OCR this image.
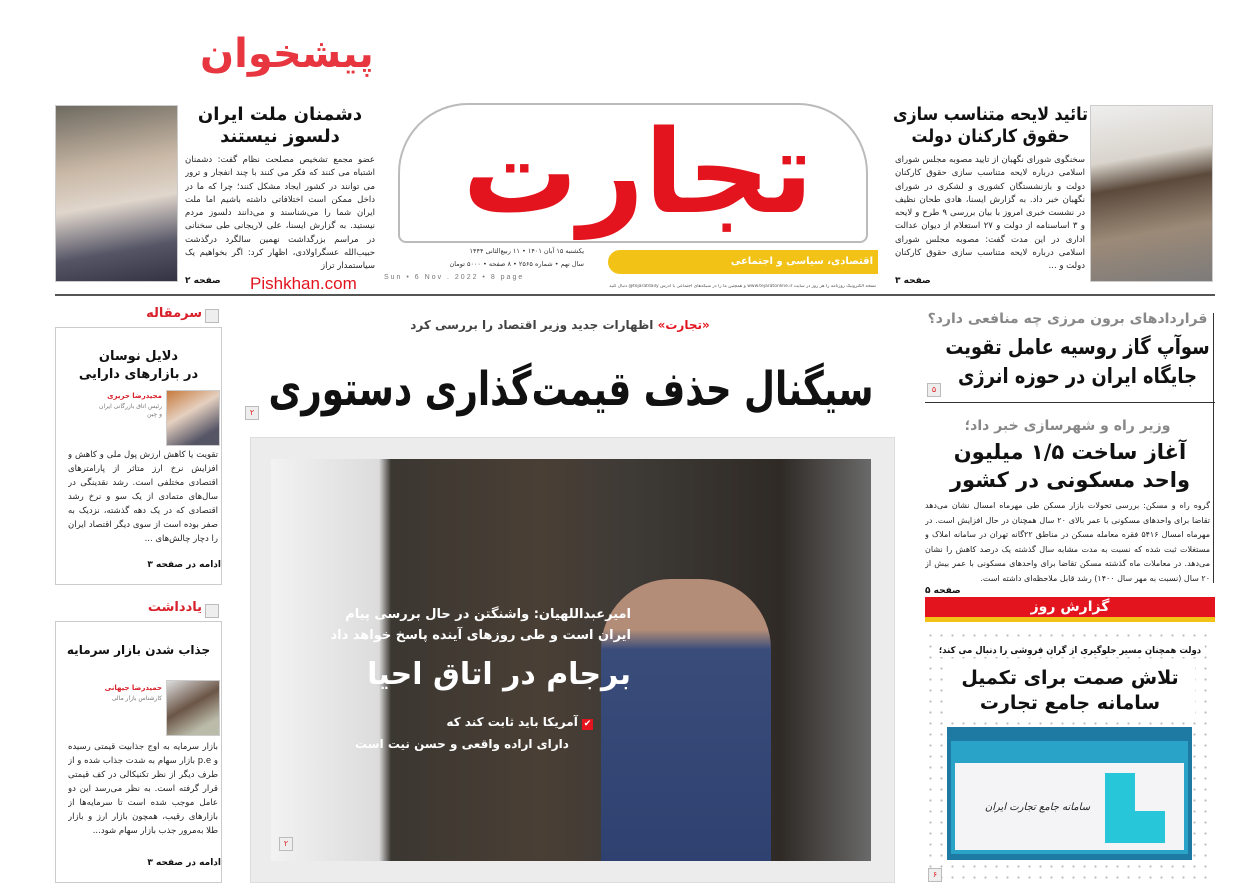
پیشخوان
تائید لایحه متناسب سازی حقوق کارکنان دولت
سخنگوی شورای نگهبان از تایید مصوبه مجلس شورای اسلامی درباره لایحه متناسب سازی حقوق کارکنان دولت و بازنشستگان کشوری و لشکری در شورای نگهبان خبر داد. به گزارش ایسنا، هادی طحان نظیف در نشست خبری امروز با بیان بررسی ۹ طرح و لایحه و ۳ اساسنامه از دولت و ۲۷ استعلام از دیوان عدالت اداری در این مدت گفت: مصوبه مجلس شورای اسلامی درباره لایحه متناسب سازی حقوق کارکنان دولت و ...
صفحه ۳
دشمنان ملت ایران دلسوز نیستند
عضو مجمع تشخیص مصلحت نظام گفت: دشمنان اشتباه می کنند که فکر می کنند با چند انفجار و ترور می توانند در کشور ایجاد مشکل کنند؛ چرا که ما در داخل ممکن است اختلافاتی داشته باشیم اما ملت ایران شما را می‌شناسند و می‌دانند دلسوز مردم نیستید. به گزارش ایسنا، علی لاریجانی طی سخنانی در مراسم بزرگداشت نهمین سالگرد درگذشت حبیب‌الله عسگراولادی، اظهار کرد: اگر بخواهیم یک سیاستمدار تراز
صفحه ۲ Pishkhan.com
تجارت
اقتصادی، سیاسی و اجتماعی
یکشنبه ۱۵ آبان ۱۴۰۱ • ۱۱ ربیع‌الثانی ۱۴۴۴
سال نهم • شماره ۲۵۶۵ • ۸ صفحه • ۵۰۰۰ تومان
Sun • 6 Nov . 2022 • 8 page
نسخه الکترونیک روزنامه را هر روز در سایت www.tejaratonline.ir و همچنین ما را در شبکه‌های اجتماعی با آدرس tejaratdaily@ دنبال کنید
سرمقاله
دلایل نوسان
در بازارهای دارایی
مجیدرضا حریری
رئیس اتاق بازرگانی ایران و چین
تقویت یا کاهش ارزش پول ملی و کاهش و افزایش نرخ ارز متاثر از پارامترهای اقتصادی مختلفی است. رشد نقدینگی در سال‌های متمادی از یک سو و نرخ رشد اقتصادی که در یک دهه گذشته، نزدیک به صفر بوده است از سوی دیگر اقتصاد ایران را دچار چالش‌های ...
ادامه در صفحه ۳
یادداشت
جذاب شدن بازار سرمایه
حمیدرضا جیهانی
کارشناس بازار مالی
بازار سرمایه به اوج جذابیت قیمتی رسیده و p.e بازار سهام به شدت جذاب شده و از طرف دیگر از نظر تکنیکالی در کف قیمتی قرار گرفته است. به نظر می‌رسد این دو عامل موجب شده است تا سرمایه‌ها از بازارهای رقیب، همچون بازار ارز و بازار طلا به‌مرور جذب بازار سهام شود...
ادامه در صفحه ۳
«تجارت» اظهارات جدید وزیر اقتصاد را بررسی کرد
سیگنال حذف قیمت‌گذاری دستوری
۲
امیرعبداللهیان: واشنگتن در حال بررسی پیام
ایران است و طی روزهای آینده پاسخ خواهد داد
برجام در اتاق احیا
✔ آمریکا باید ثابت کند که
دارای اراده واقعی و حسن نیت است
۲
قراردادهای برون مرزی چه منافعی دارد؟
سوآپ گاز روسیه عامل تقویت جایگاه ایران در حوزه انرژی
۵
وزیر راه و شهرسازی خبر داد؛
آغاز ساخت ۱/۵ میلیون واحد مسکونی در کشور
گروه راه و مسکن: بررسی تحولات بازار مسکن طی مهرماه امسال نشان می‌دهد تقاضا برای واحدهای مسکونی با عمر بالای ۲۰ سال همچنان در حال افزایش است. در مهرماه امسال ۵۴۱۶ فقره معامله مسکن در مناطق ۲۲گانه تهران در سامانه املاک و مستغلات ثبت شده که نسبت به مدت مشابه سال گذشته یک درصد کاهش را نشان می‌دهد. در معاملات ماه گذشته مسکن تقاضا برای واحدهای مسکونی با عمر بیش از ۲۰ سال (نسبت به مهر سال ۱۴۰۰) رشد قابل ملاحظه‌ای داشته است.
صفحه ۵
گزارش روز
دولت همچنان مسیر جلوگیری از گران فروشی را دنبال می کند؛
تلاش صمت برای تکمیل سامانه جامع تجارت
سامانه جامع تجارت ایران
۶
